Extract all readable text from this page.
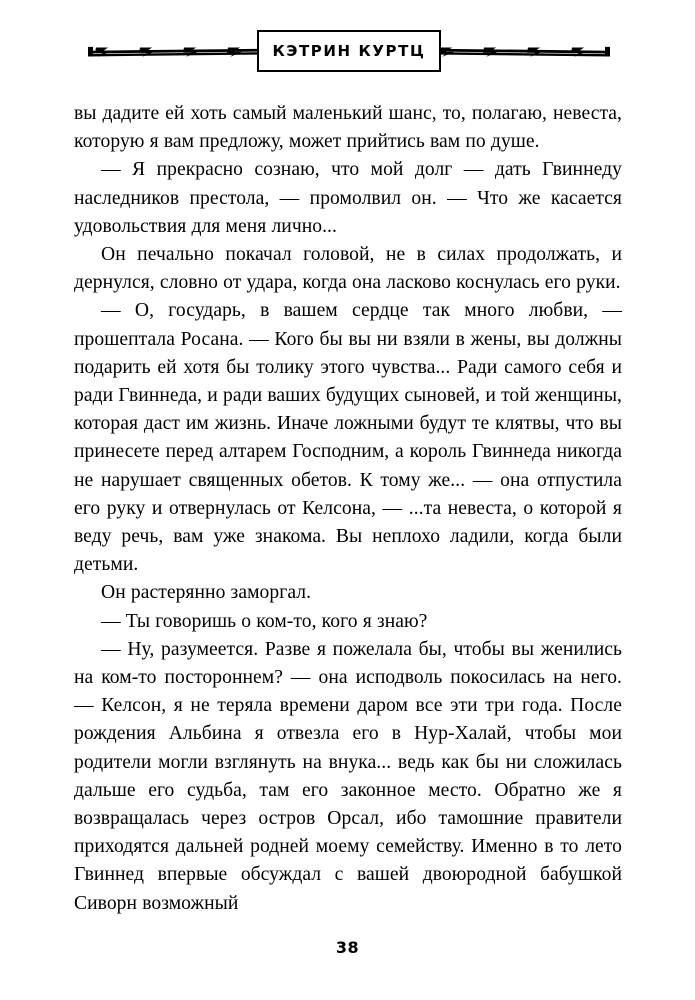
КЭТРИН КУРТЦ

вы дадите ей хоть самый маленький шанс, то, полагаю, невеста, которую я вам предложу, может прийтись вам по душе.

— Я прекрасно сознаю, что мой долг — дать Гвиннеду наследников престола, — промолвил он. — Что же касается удовольствия для меня лично...

Он печально покачал головой, не в силах продолжать, и дернулся, словно от удара, когда она ласково коснулась его руки.

— О, государь, в вашем сердце так много любви, — прошептала Росана. — Кого бы вы ни взяли в жены, вы должны подарить ей хотя бы толику этого чувства... Ради самого себя и ради Гвиннеда, и ради ваших будущих сыновей, и той женщины, которая даст им жизнь. Иначе ложными будут те клятвы, что вы принесете перед алтарем Господним, а король Гвиннеда никогда не нарушает священных обетов. К тому же... — она отпустила его руку и отвернулась от Келсона, — ...та невеста, о которой я веду речь, вам уже знакома. Вы неплохо ладили, когда были детьми.

Он растерянно заморгал.

— Ты говоришь о ком-то, кого я знаю?

— Ну, разумеется. Разве я пожелала бы, чтобы вы женились на ком-то постороннем? — она исподволь покосилась на него. — Келсон, я не теряла времени даром все эти три года. После рождения Альбина я отвезла его в Нур-Халай, чтобы мои родители могли взглянуть на внука... ведь как бы ни сложилась дальше его судьба, там его законное место. Обратно же я возвращалась через остров Орсал, ибо тамошние правители приходятся дальней родней моему семейству. Именно в то лето Гвиннед впервые обсуждал с вашей двоюродной бабушкой Сиворн возможный

38
